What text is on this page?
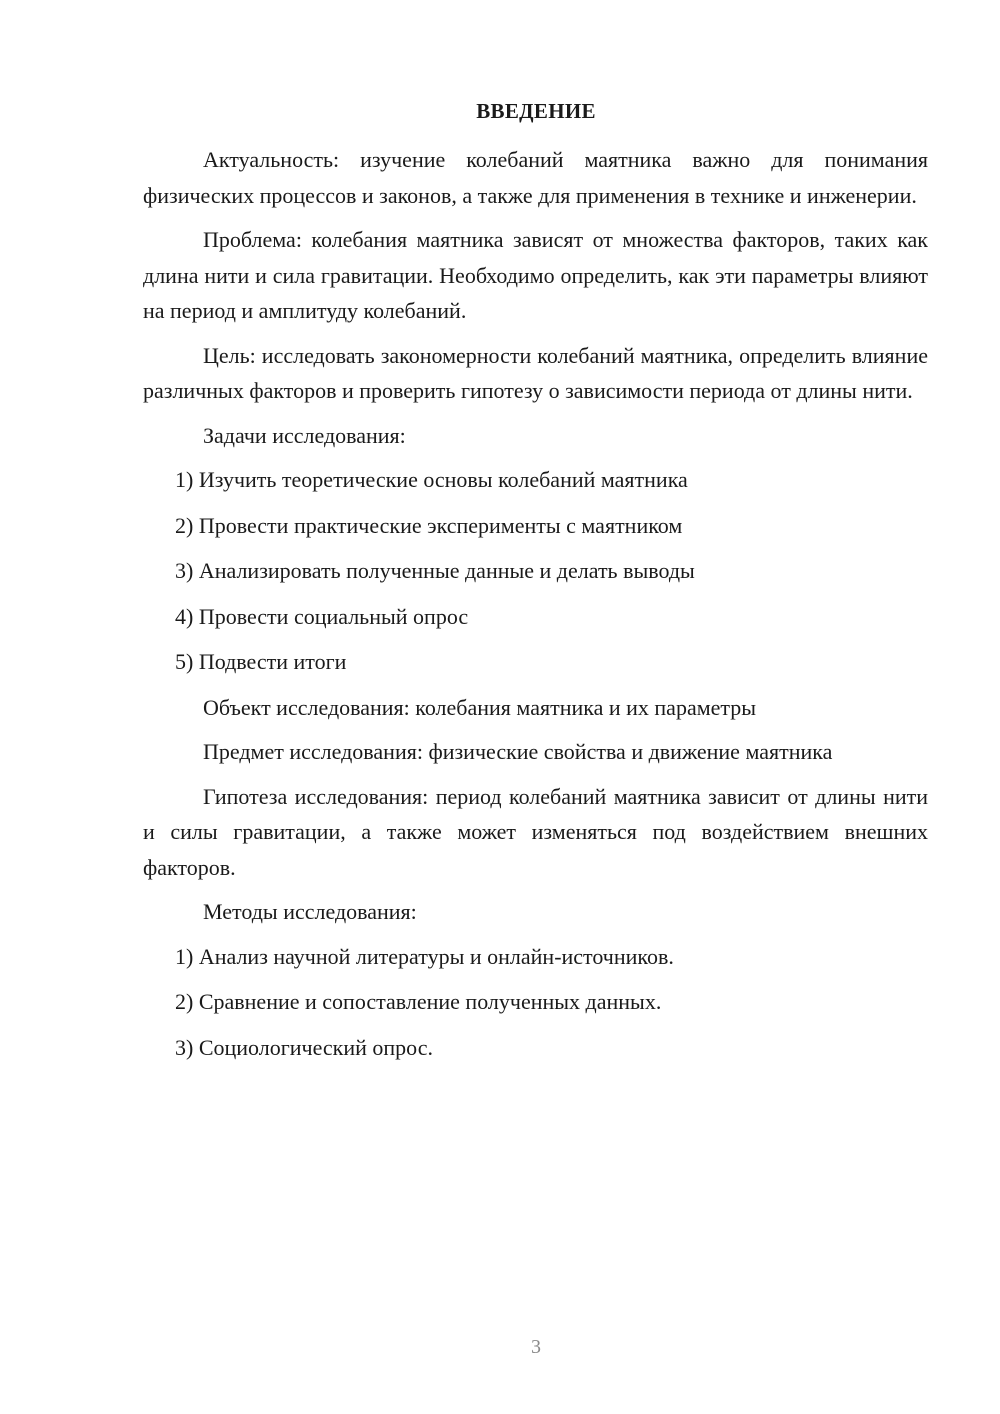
ВВЕДЕНИЕ

Актуальность: изучение колебаний маятника важно для понимания физических процессов и законов, а также для применения в технике и инженерии.

Проблема: колебания маятника зависят от множества факторов, таких как длина нити и сила гравитации. Необходимо определить, как эти параметры влияют на период и амплитуду колебаний.

Цель: исследовать закономерности колебаний маятника, определить влияние различных факторов и проверить гипотезу о зависимости периода от длины нити.

Задачи исследования:

1) Изучить теоретические основы колебаний маятника

2) Провести практические эксперименты с маятником

3) Анализировать полученные данные и делать выводы

4) Провести социальный опрос

5) Подвести итоги

Объект исследования: колебания маятника и их параметры

Предмет исследования: физические свойства и движение маятника

Гипотеза исследования: период колебаний маятника зависит от длины нити и силы гравитации, а также может изменяться под воздействием внешних факторов.

Методы исследования:

1) Анализ научной литературы и онлайн-источников.

2) Сравнение и сопоставление полученных данных.

3) Социологический опрос.

3
